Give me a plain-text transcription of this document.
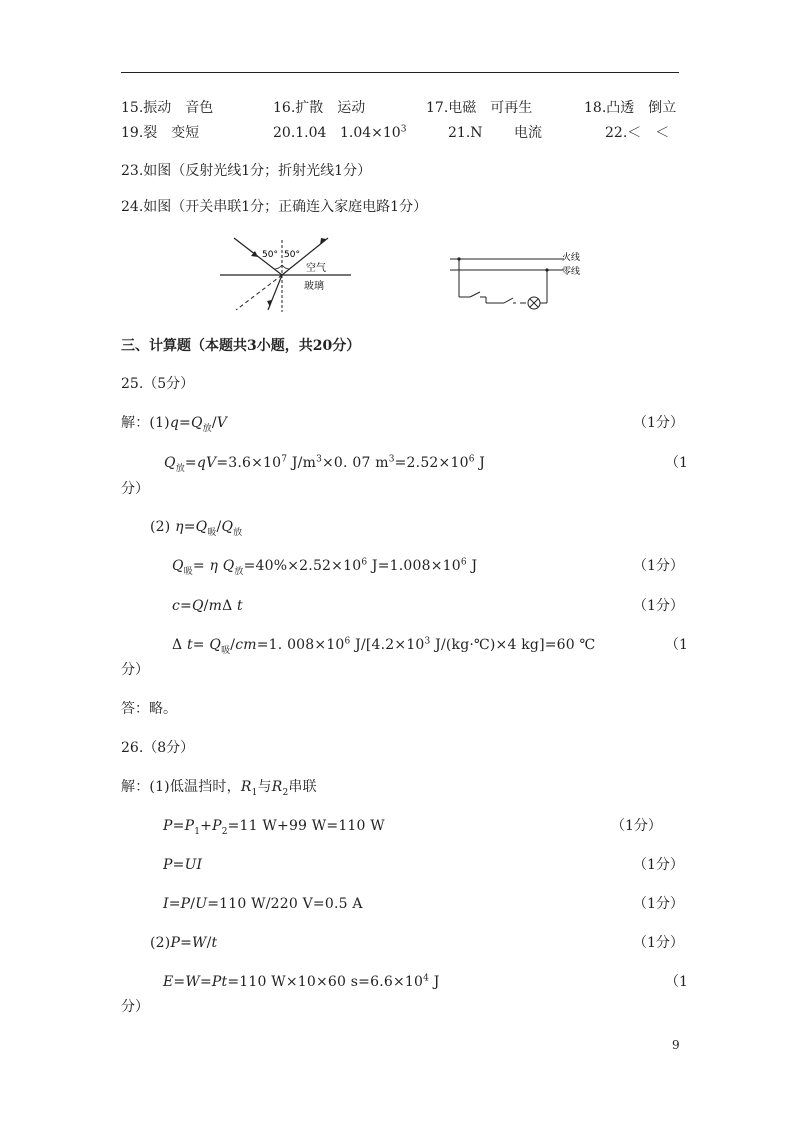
15.振动　音色	16.扩散　运动	17.电磁　可再生	18.凸透　倒立
19.裂　变短	20.1.04 $1.04\times 10^3$	21.N 电流	22.＜　＜
23.如图（反射光线1分；折射光线1分）
24.如图（开关串联1分；正确连入家庭电路1分）
50° 50°
空气
玻璃
火线
零线
三、计算题（本题共3小题，共20分）
25.（5分）
解：$(1)q=Q_放/V$	（1分）
$Q_放=qV=3.6\times 10^7$ $J/m^3\times 0$. 07 $m^3=2.52\times 10^6$ J	（1
分）
(2) $\eta=Q_吸/Q_放$
$Q_吸= \eta$ $Q_放=40\%\times 2.52\times 10^6$ $J=1.008\times 10^6$ J	（1分）
c=Q/mΔ t	（1分）
Δ $t= Q_吸/cm=1$. $008\times 10^6$ $J/[4.2\times 10^3$ J/(kg·℃)×4 kg]=60 ℃	（1
分）
答：略。
26.（8分）
解：(1)低温挡时，$R_1$与$R_2$串联
$P=P_1+P_2=11$ W+99 W=110 W	（1分）
P=UI	（1分）
I=P/U=110 W/220 V=0.5 A	（1分）
(2)P=W/t	（1分）
E=W=Pt=110 W×10×60 $s=6.6\times 10^4$ J	（1
分）
9
